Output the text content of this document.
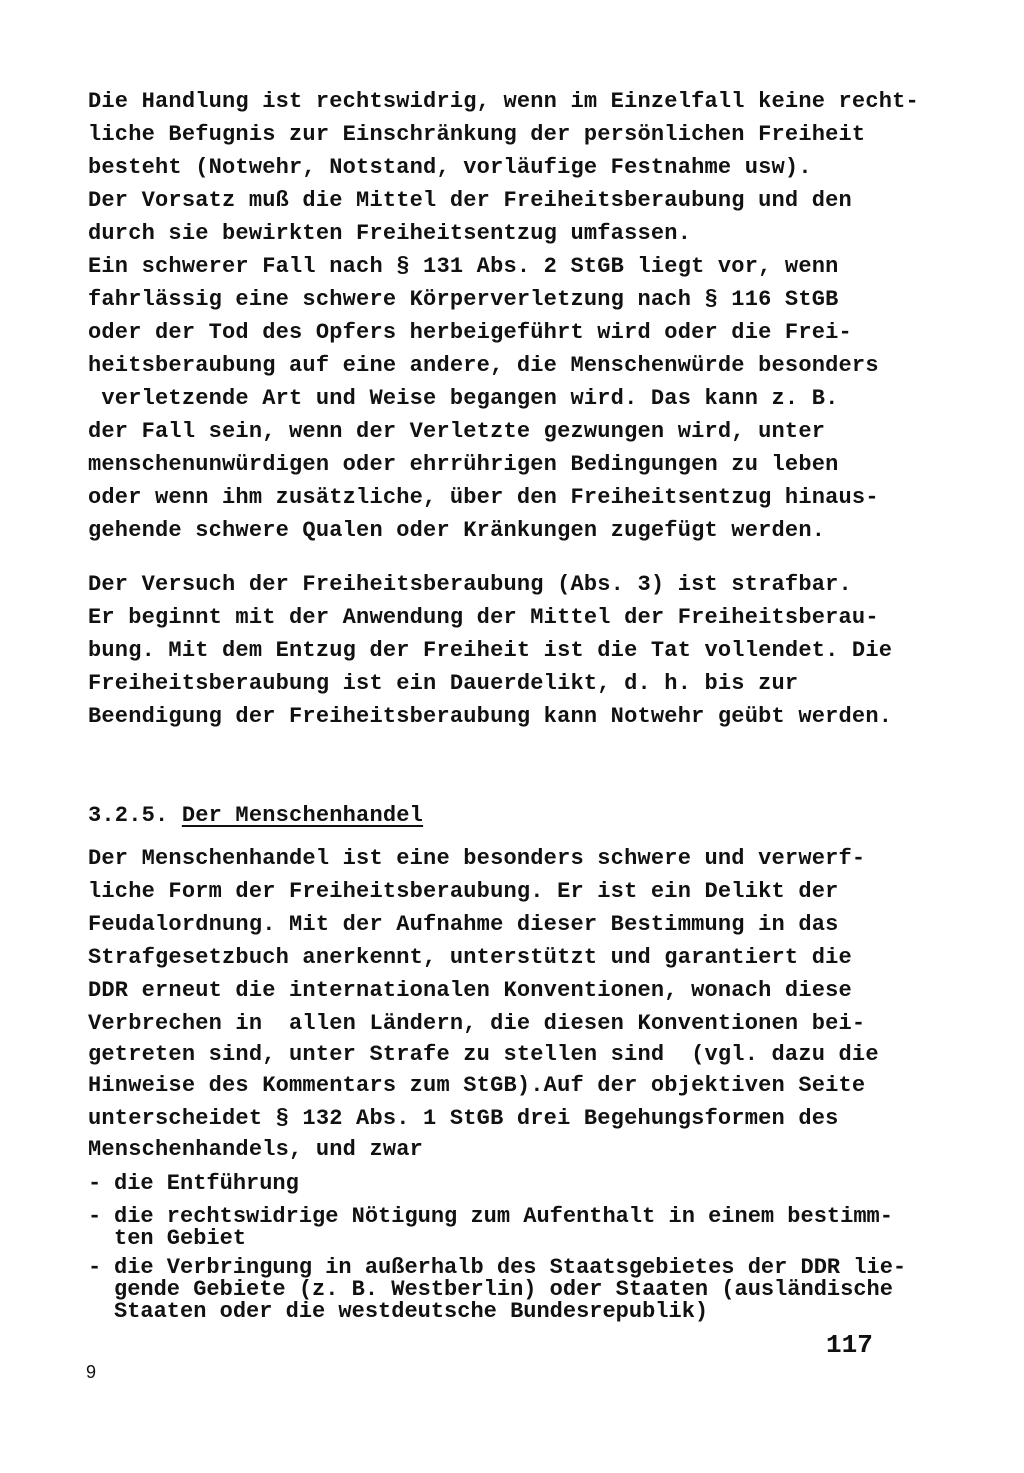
Die Handlung ist rechtswidrig, wenn im Einzelfall keine recht-
liche Befugnis zur Einschränkung der persönlichen Freiheit
besteht (Notwehr, Notstand, vorläufige Festnahme usw).
Der Vorsatz muß die Mittel der Freiheitsberaubung und den
durch sie bewirkten Freiheitsentzug umfassen.
Ein schwerer Fall nach § 131 Abs. 2 StGB liegt vor, wenn
fahrlässig eine schwere Körperverletzung nach § 116 StGB
oder der Tod des Opfers herbeigeführt wird oder die Frei-
heitsberaubung auf eine andere, die Menschenwürde besonders
verletzende Art und Weise begangen wird. Das kann z. B.
der Fall sein, wenn der Verletzte gezwungen wird, unter
menschenunwürdigen oder ehrrührigen Bedingungen zu leben
oder wenn ihm zusätzliche, über den Freiheitsentzug hinaus-
gehende schwere Qualen oder Kränkungen zugefügt werden.
Der Versuch der Freiheitsberaubung (Abs. 3) ist strafbar.
Er beginnt mit der Anwendung der Mittel der Freiheitsberau-
bung. Mit dem Entzug der Freiheit ist die Tat vollendet. Die
Freiheitsberaubung ist ein Dauerdelikt, d. h. bis zur
Beendigung der Freiheitsberaubung kann Notwehr geübt werden.
3.2.5. Der Menschenhandel
Der Menschenhandel ist eine besonders schwere und verwerf-
liche Form der Freiheitsberaubung. Er ist ein Delikt der
Feudalordnung. Mit der Aufnahme dieser Bestimmung in das
Strafgesetzbuch anerkennt, unterstützt und garantiert die
DDR erneut die internationalen Konventionen, wonach diese
Verbrechen in  allen Ländern, die diesen Konventionen bei-
getreten sind, unter Strafe zu stellen sind  (vgl. dazu die
Hinweise des Kommentars zum StGB).Auf der objektiven Seite
unterscheidet § 132 Abs. 1 StGB drei Begehungsformen des
Menschenhandels, und zwar
- die Entführung
- die rechtswidrige Nötigung zum Aufenthalt in einem bestimm-
ten Gebiet
- die Verbringung in außerhalb des Staatsgebietes der DDR lie-
gende Gebiete (z. B. Westberlin) oder Staaten (ausländische
Staaten oder die westdeutsche Bundesrepublik)
117
9
